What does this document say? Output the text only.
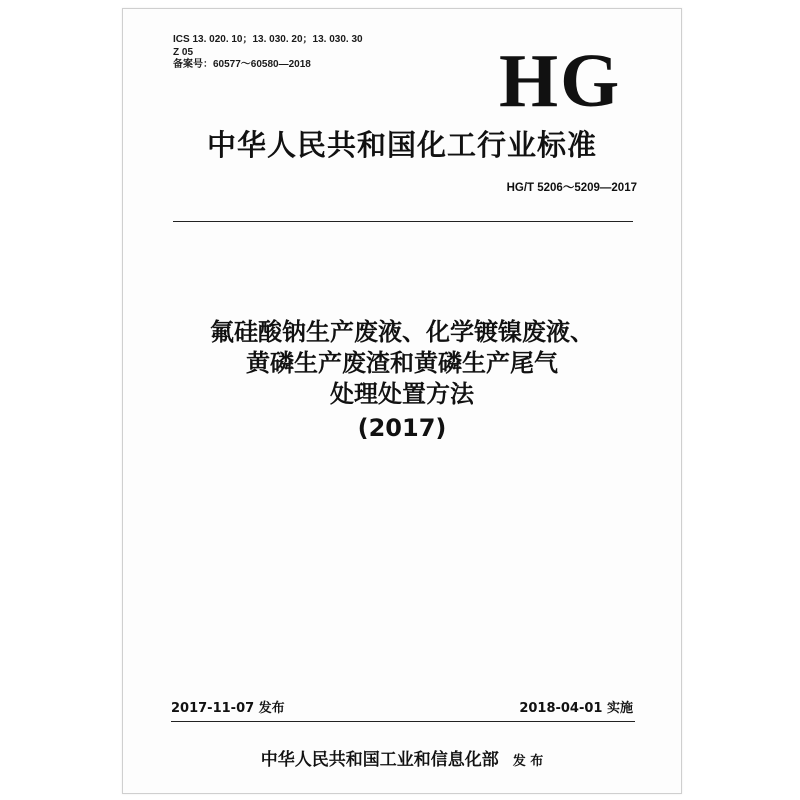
ICS 13. 020. 10；13. 030. 20；13. 030. 30
Z 05
备案号：60577～60580—2018	HG
中华人民共和国化工行业标准
HG/T 5206～5209—2017
氟硅酸钠生产废液、化学镀镍废液、
黄磷生产废渣和黄磷生产尾气
处理处置方法
(2017)
2017-11-07 发布	2018-04-01 实施
中华人民共和国工业和信息化部 发 布
